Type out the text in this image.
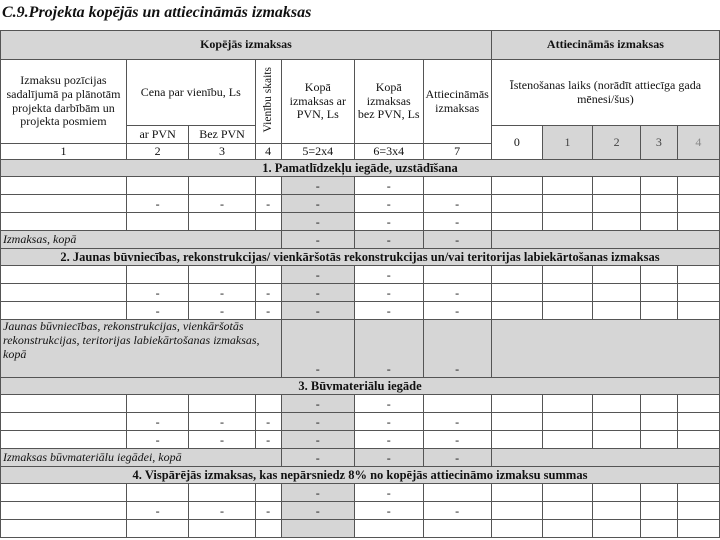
C.9.Projekta kopējās un attiecināmās izmaksas
Kopējās izmaksas							Attiecināmās izmaksas				
Izmaksu pozīcijas sadalījumā pa plānotām projekta darbībām un projekta posmiem	Cena par vienību, Ls		Vienību skaits	Kopā izmaksas ar PVN, Ls	Kopā izmaksas bez PVN, Ls	Attiecināmās izmaksas	Īstenošanas laiks (norādīt attiecīga gada mēnesi/šus)				
	ar PVN	Bez PVN					0	1	2	3	4
1	2	3	4	5=2x4	6=3x4	7					
1. Pamatlīdzekļu iegāde, uzstādīšana											
				-	-						
	-	-	-	-	-	-					
				-	-	-					
Izmaksas, kopā				-	-	-					
2. Jaunas būvniecības, rekonstrukcijas/ vienkāršotās rekonstrukcijas un/vai teritorijas labiekārtošanas izmaksas											
				-	-						
	-	-	-	-	-	-					
	-	-	-	-	-	-					
Jaunas būvniecības, rekonstrukcijas, vienkāršotās rekonstrukcijas, teritorijas labiekārtošanas izmaksas, kopā				-	-	-					
3. Būvmateriālu iegāde											
				-	-						
	-	-	-	-	-	-					
	-	-	-	-	-	-					
Izmaksas būvmateriālu iegādei, kopā				-	-	-					
4. Vispārējās izmaksas, kas nepārsniedz 8% no kopējās attiecināmo izmaksu summas											
				-	-						
	-	-	-	-	-	-					
